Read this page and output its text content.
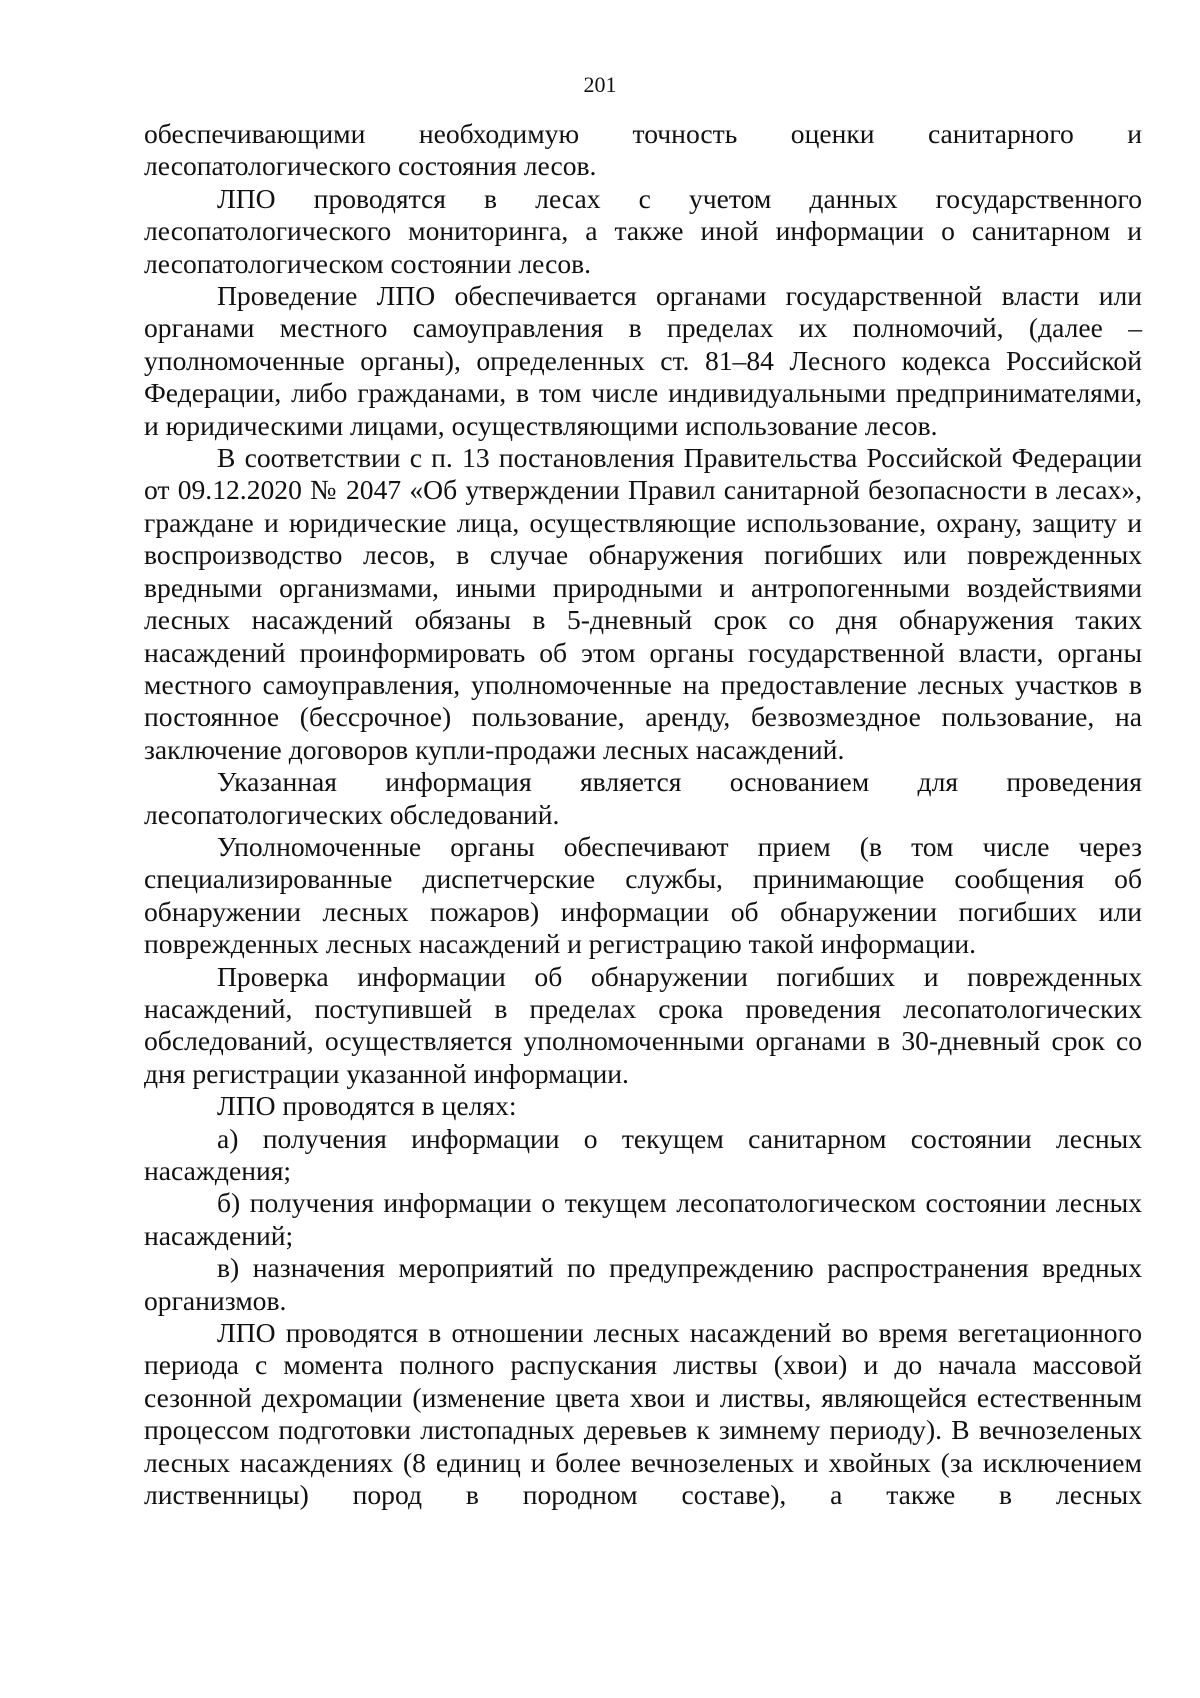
201

обеспечивающими необходимую точность оценки санитарного и

лесопатологического состояния лесов.

ЛПО проводятся в лесах с учетом данных государственного лесопатологического мониторинга, а также иной информации о санитарном и лесопатологическом состоянии лесов.

Проведение ЛПО обеспечивается органами государственной власти или органами местного самоуправления в пределах их полномочий, (далее – уполномоченные органы), определенных ст. 81–84 Лесного кодекса Российской Федерации, либо гражданами, в том числе индивидуальными предпринимателями, и юридическими лицами, осуществляющими использование лесов.

В соответствии с п. 13 постановления Правительства Российской Федерации от 09.12.2020 № 2047 «Об утверждении Правил санитарной безопасности в лесах», граждане и юридические лица, осуществляющие использование, охрану, защиту и воспроизводство лесов, в случае обнаружения погибших или поврежденных вредными организмами, иными природными и антропогенными воздействиями лесных насаждений обязаны в 5-дневный срок со дня обнаружения таких насаждений проинформировать об этом органы государственной власти, органы местного самоуправления, уполномоченные на предоставление лесных участков в постоянное (бессрочное) пользование, аренду, безвозмездное пользование, на заключение договоров купли-продажи лесных насаждений.

Указанная информация является основанием для проведения лесопатологических обследований.

Уполномоченные органы обеспечивают прием (в том числе через специализированные диспетчерские службы, принимающие сообщения об обнаружении лесных пожаров) информации об обнаружении погибших или поврежденных лесных насаждений и регистрацию такой информации.

Проверка информации об обнаружении погибших и поврежденных насаждений, поступившей в пределах срока проведения лесопатологических обследований, осуществляется уполномоченными органами в 30-дневный срок со дня регистрации указанной информации.

ЛПО проводятся в целях:

а) получения информации о текущем санитарном состоянии лесных насаждения;

б) получения информации о текущем лесопатологическом состоянии лесных насаждений;

в) назначения мероприятий по предупреждению распространения вредных организмов.

ЛПО проводятся в отношении лесных насаждений во время вегетационного периода с момента полного распускания листвы (хвои) и до начала массовой сезонной дехромации (изменение цвета хвои и листвы, являющейся естественным процессом подготовки листопадных деревьев к зимнему периоду). В вечнозеленых лесных насаждениях (8 единиц и более вечнозеленых и хвойных (за исключением лиственницы) пород в породном составе), а также в лесных
